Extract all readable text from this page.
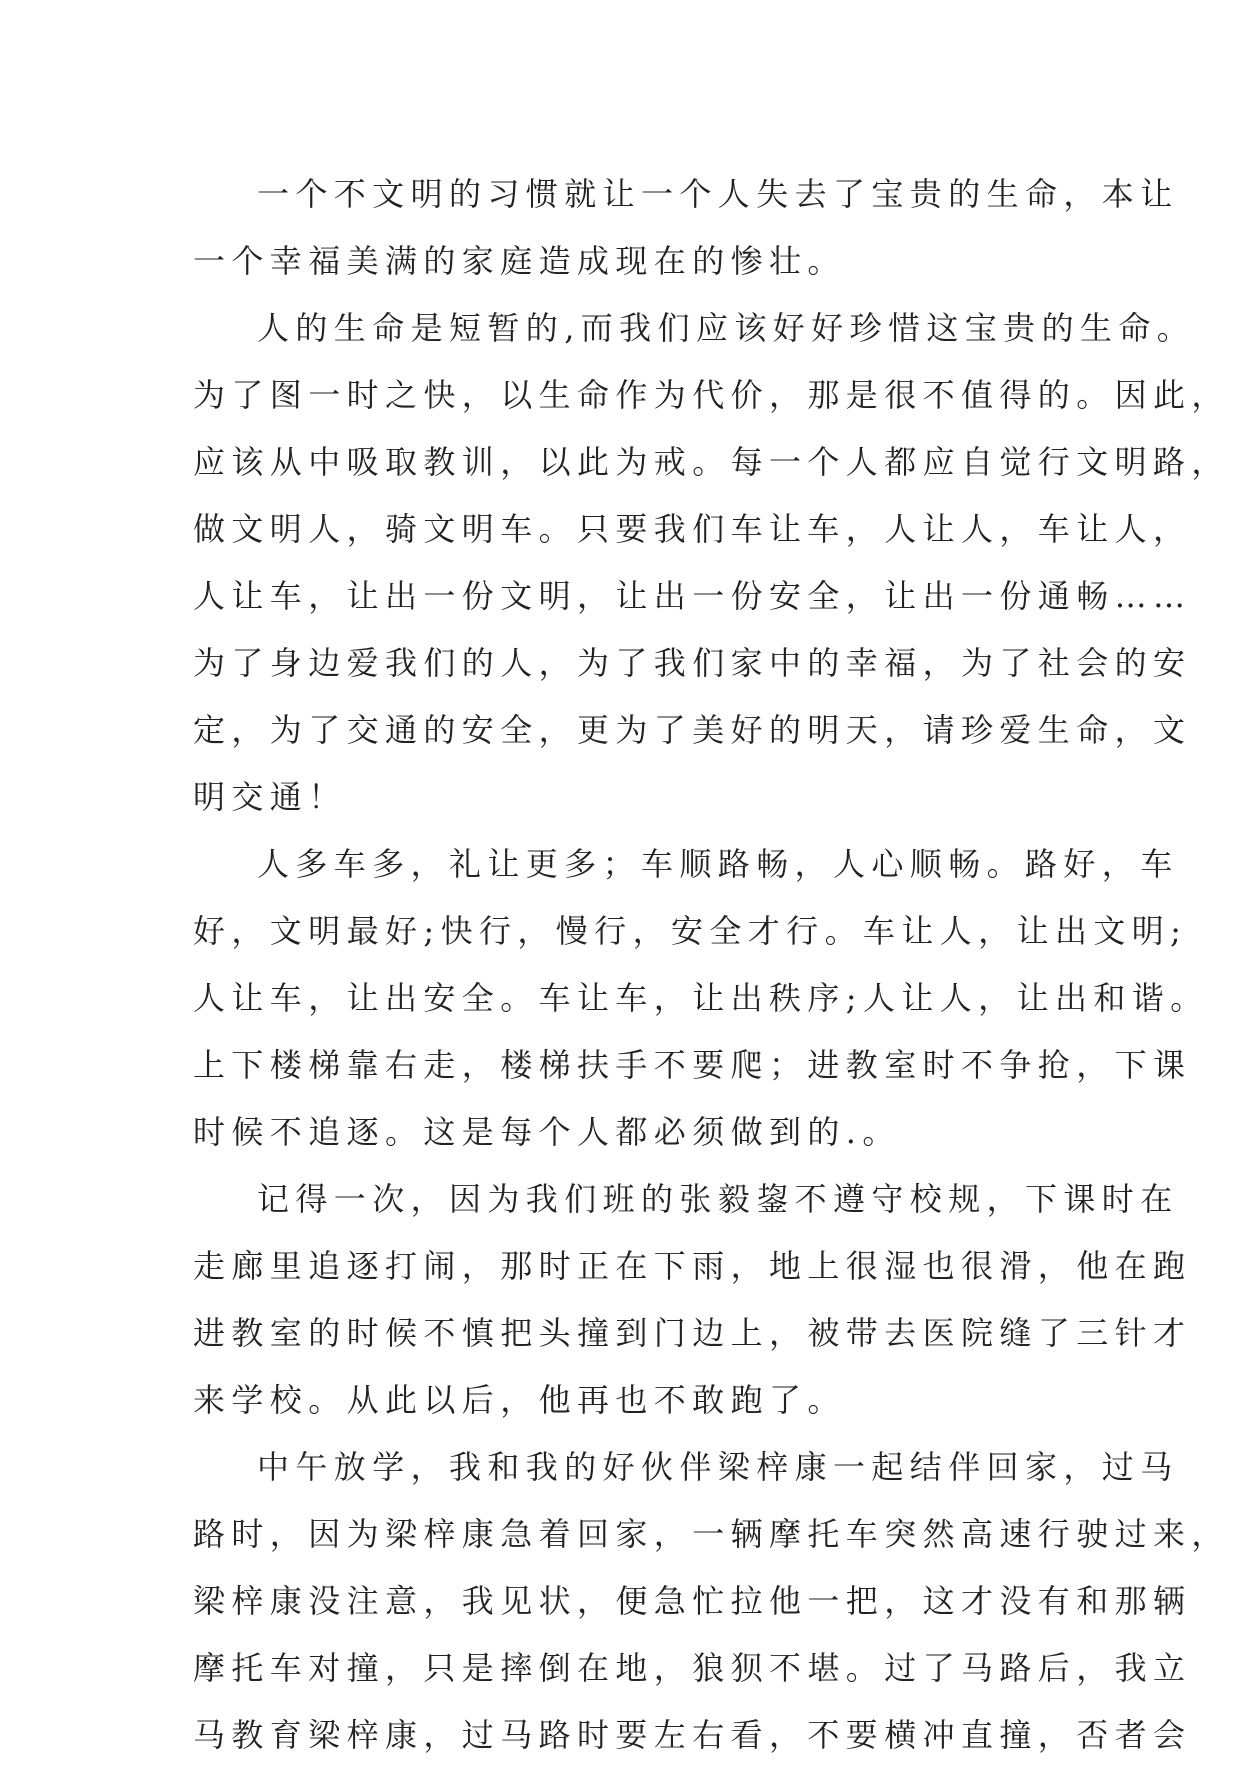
一个不文明的习惯就让一个人失去了宝贵的生命，本让
一个幸福美满的家庭造成现在的惨壮。
人的生命是短暂的,而我们应该好好珍惜这宝贵的生命。
为了图一时之快，以生命作为代价，那是很不值得的。因此，
应该从中吸取教训，以此为戒。每一个人都应自觉行文明路，
做文明人，骑文明车。只要我们车让车，人让人，车让人，
人让车，让出一份文明，让出一份安全，让出一份通畅……
为了身边爱我们的人，为了我们家中的幸福，为了社会的安
定，为了交通的安全，更为了美好的明天，请珍爱生命，文
明交通！
人多车多，礼让更多；车顺路畅，人心顺畅。路好，车
好，文明最好;快行，慢行，安全才行。车让人，让出文明;
人让车，让出安全。车让车，让出秩序;人让人，让出和谐。
上下楼梯靠右走，楼梯扶手不要爬；进教室时不争抢，下课
时候不追逐。这是每个人都必须做到的.。
记得一次，因为我们班的张毅鋆不遵守校规，下课时在
走廊里追逐打闹，那时正在下雨，地上很湿也很滑，他在跑
进教室的时候不慎把头撞到门边上，被带去医院缝了三针才
来学校。从此以后，他再也不敢跑了。
中午放学，我和我的好伙伴梁梓康一起结伴回家，过马
路时，因为梁梓康急着回家，一辆摩托车突然高速行驶过来，
梁梓康没注意，我见状，便急忙拉他一把，这才没有和那辆
摩托车对撞，只是摔倒在地，狼狈不堪。过了马路后，我立
马教育梁梓康，过马路时要左右看，不要横冲直撞，否者会
